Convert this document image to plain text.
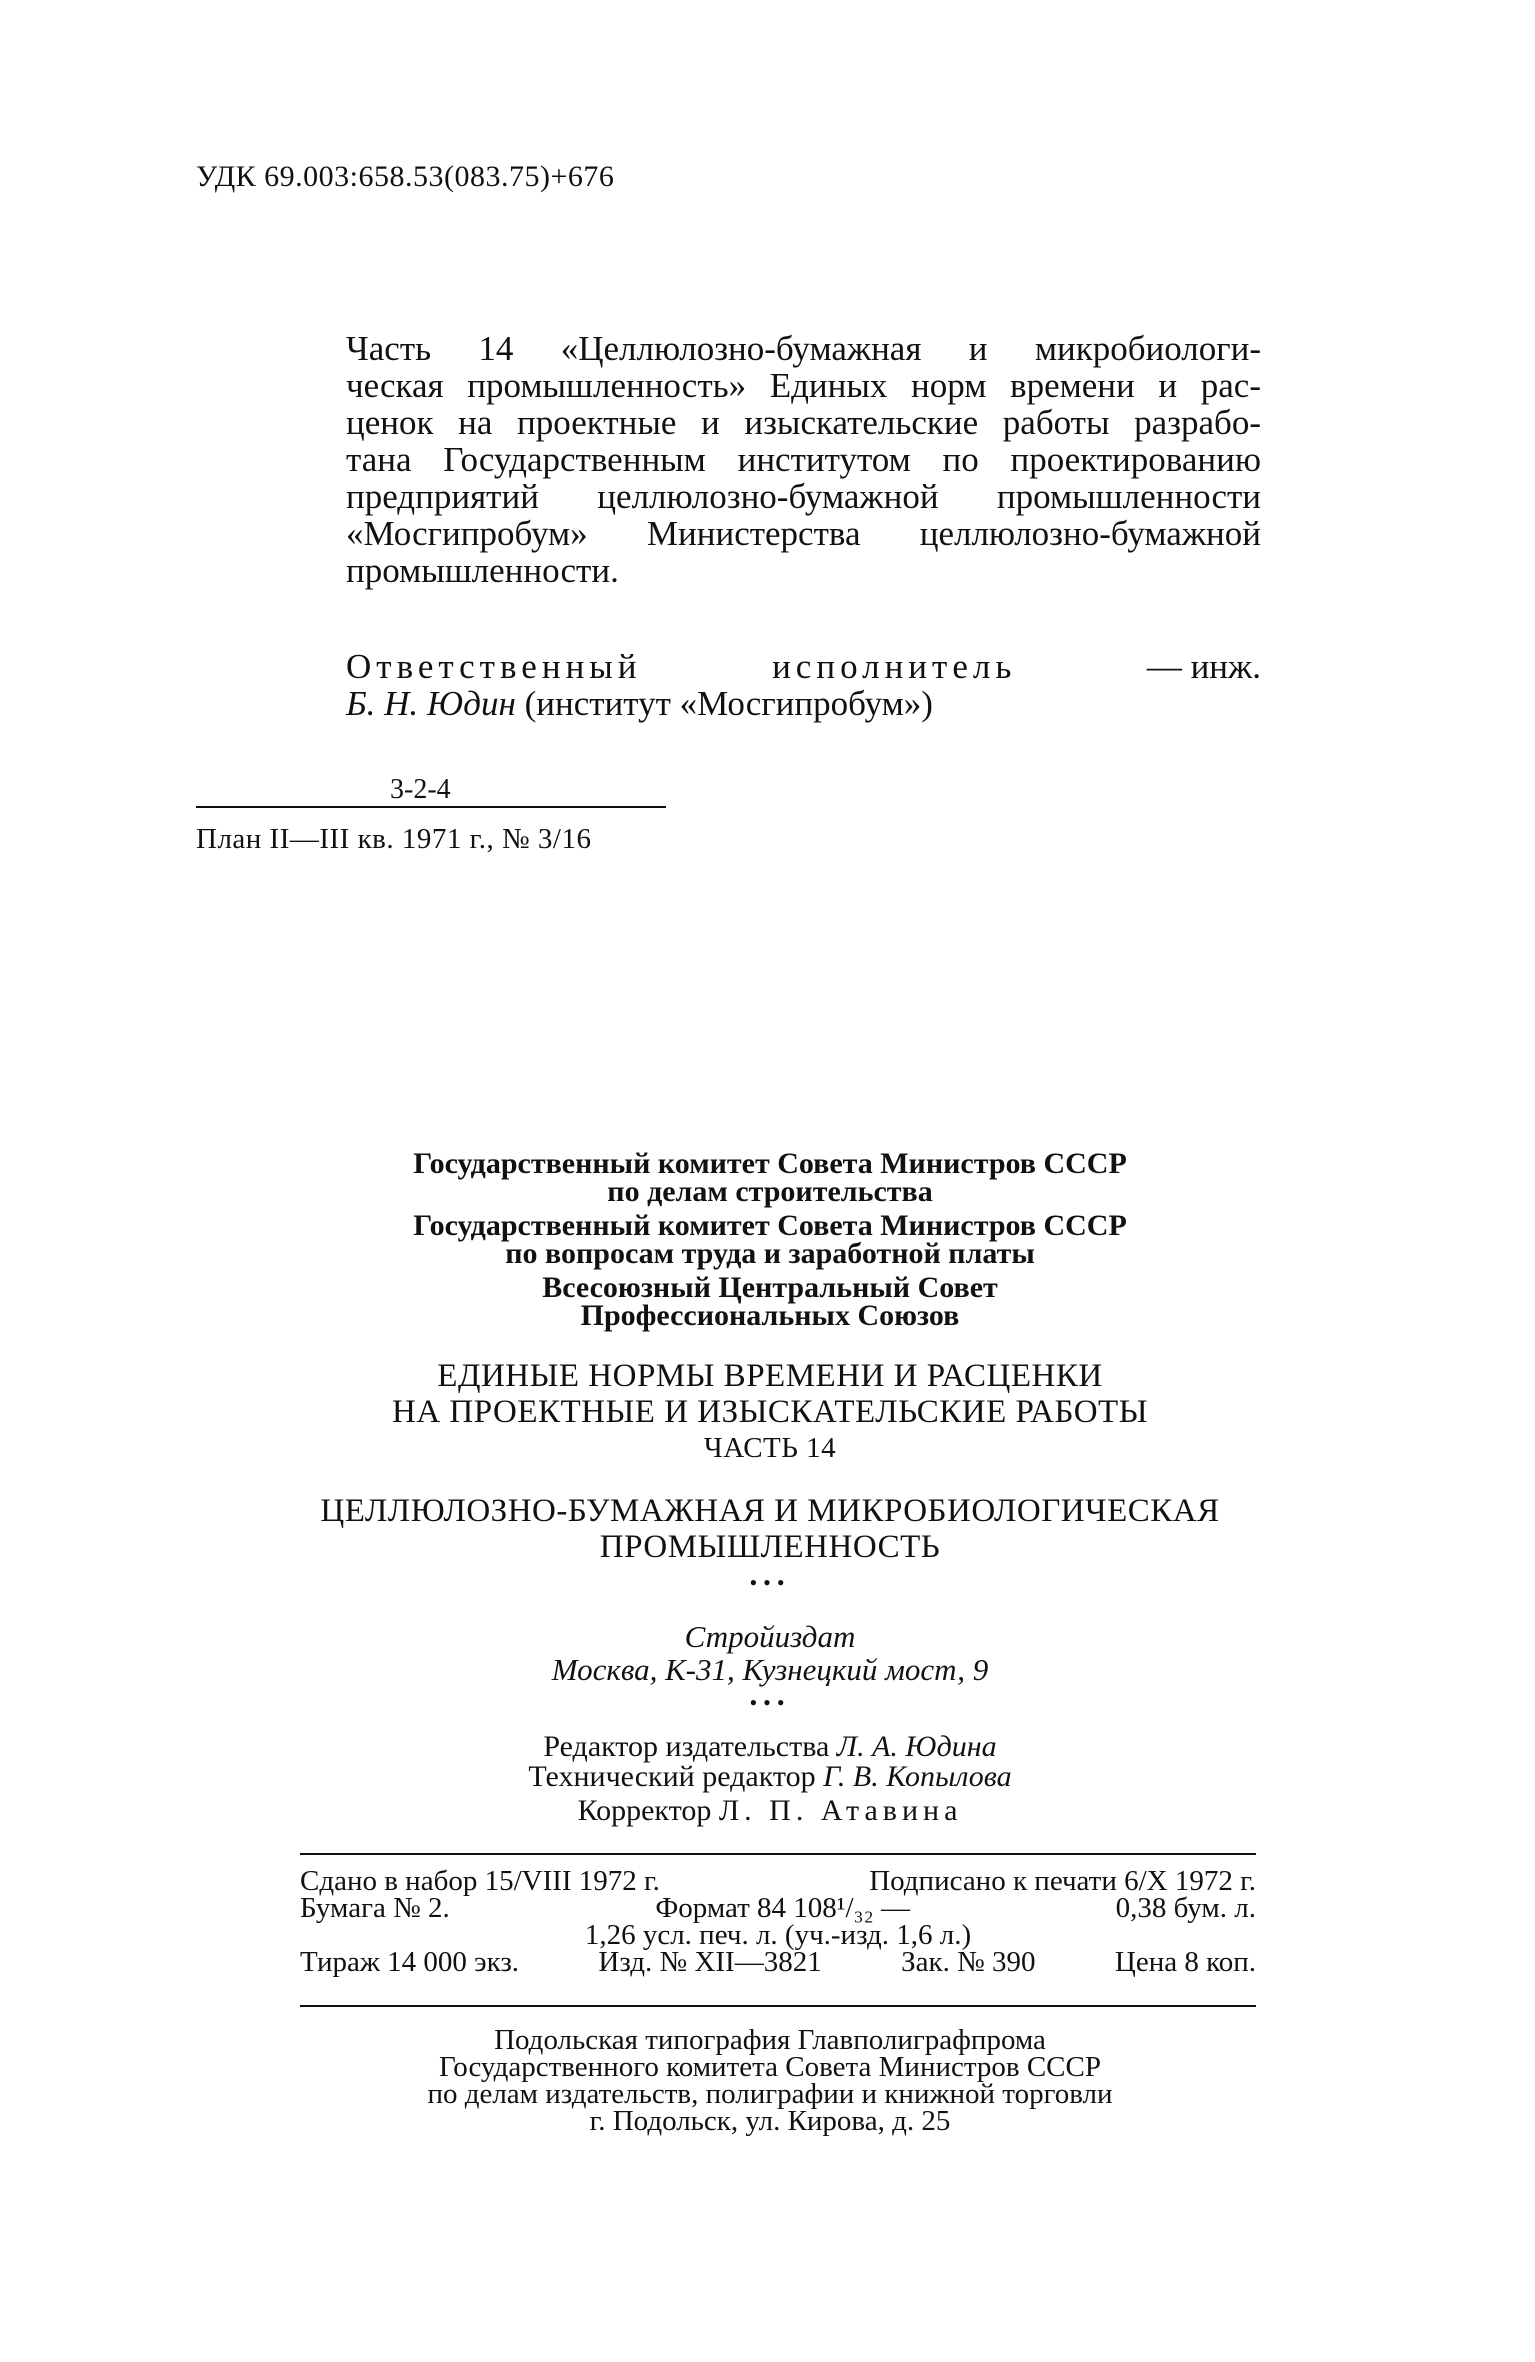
УДК 69.003:658.53(083.75)+676

Часть 14 «Целлюлозно-бумажная и микробиологи-

ческая промышленность» Единых норм времени и рас-

ценок на проектные и изыскательские работы разрабо-

тана Государственным институтом по проектированию

предприятий целлюлозно-бумажной промышленности

«Мосгипробум» Министерства целлюлозно-бумажной

промышленности.

Ответственный	исполнитель	— инж.

Б. Н. Юдин (институт «Мосгипробум»)

3-2-4
План II—III кв. 1971 г., № 3/16

Государственный комитет Совета Министров СССР

по делам строительства

Государственный комитет Совета Министров СССР

по вопросам труда и заработной платы

Всесоюзный Центральный Совет

Профессиональных Союзов

ЕДИНЫЕ НОРМЫ ВРЕМЕНИ И РАСЦЕНКИ

НА ПРОЕКТНЫЕ И ИЗЫСКАТЕЛЬСКИЕ РАБОТЫ

ЧАСТЬ 14

ЦЕЛЛЮЛОЗНО-БУМАЖНАЯ И МИКРОБИОЛОГИЧЕСКАЯ

ПРОМЫШЛЕННОСТЬ

•••

Стройиздат

Москва, К-31, Кузнецкий мост, 9

•••

Редактор издательства Л. А. Юдина

Технический редактор Г. В. Копылова

Корректор Л. П. Атавина

Сдано в набор 15/VIII 1972 г.	Подписано к печати 6/X 1972 г.
Бумага № 2.	Формат 84 108¹/₃₂ —	0,38 бум. л.
1,26 усл. печ. л. (уч.-изд. 1,6 л.)
Тираж 14 000 экз.	Изд. № XII—3821	Зак. № 390	Цена 8 коп.

Подольская типография Главполиграфпрома

Государственного комитета Совета Министров СССР

по делам издательств, полиграфии и книжной торговли

г. Подольск, ул. Кирова, д. 25
